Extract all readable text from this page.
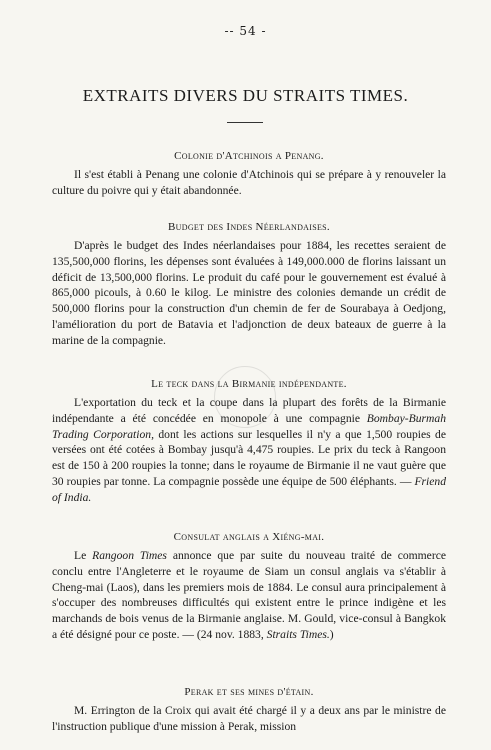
-- 54 -
EXTRAITS DIVERS DU STRAITS TIMES.
Colonie d'Atchinois a Penang.

Il s'est établi à Penang une colonie d'Atchinois qui se prépare à y renouveler la culture du poivre qui y était abandonnée.

Budget des Indes Néerlandaises.

D'après le budget des Indes néerlandaises pour 1884, les recettes seraient de 135,500,000 florins, les dépenses sont évaluées à 149,000.000 de florins laissant un déficit de 13,500,000 florins. Le produit du café pour le gouvernement est évalué à 865,000 picouls, à 0.60 le kilog. Le ministre des colonies demande un crédit de 500,000 florins pour la construction d'un chemin de fer de Sourabaya à Oedjong, l'amélioration du port de Batavia et l'adjonction de deux bateaux de guerre à la marine de la compagnie.

Le teck dans la Birmanie indépendante.

L'exportation du teck et la coupe dans la plupart des forêts de la Birmanie indépendante a été concédée en monopole à une compagnie Bombay-Burmah Trading Corporation, dont les actions sur lesquelles il n'y a que 1,500 roupies de versées ont été cotées à Bombay jusqu'à 4,475 roupies. Le prix du teck à Rangoon est de 150 à 200 roupies la tonne; dans le royaume de Birmanie il ne vaut guère que 30 roupies par tonne. La compagnie possède une équipe de 500 éléphants. — Friend of India.

Consulat anglais a Xiéng-mai.

Le Rangoon Times annonce que par suite du nouveau traité de commerce conclu entre l'Angleterre et le royaume de Siam un consul anglais va s'établir à Cheng-mai (Laos), dans les premiers mois de 1884. Le consul aura principalement à s'occuper des nombreuses difficultés qui existent entre le prince indigène et les marchands de bois venus de la Birmanie anglaise. M. Gould, vice-consul à Bangkok a été désigné pour ce poste. — (24 nov. 1883, Straits Times.)

Perak et ses mines d'étain.

M. Errington de la Croix qui avait été chargé il y a deux ans par le ministre de l'instruction publique d'une mission à Perak, mission
